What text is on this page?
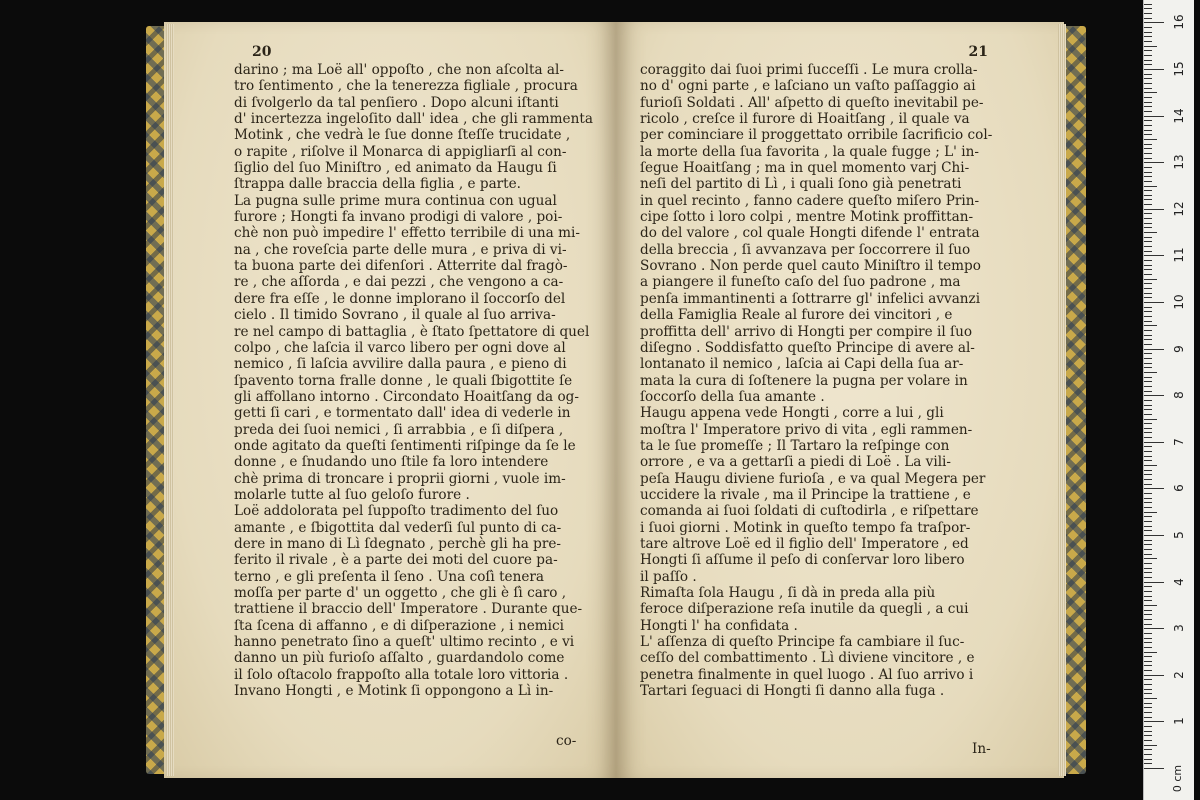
20
darino ; ma Loë all' oppoſto , che non aſcolta al-
tro ſentimento , che la tenerezza figliale , procura
di ſvolgerlo da tal penſiero . Dopo alcuni iſtanti
d' incertezza ingeloſito dall' idea , che gli rammenta
Motink , che vedrà le ſue donne ſteſſe trucidate ,
o rapite , riſolve il Monarca di appigliarſi al con-
ſiglio del ſuo Miniſtro , ed animato da Haugu ſi
ſtrappa dalle braccia della figlia , e parte.
La pugna sulle prime mura continua con ugual
furore ; Hongti fa invano prodigi di valore , poi-
chè non può impedire l' effetto terribile di una mi-
na , che roveſcia parte delle mura , e priva di vi-
ta buona parte dei difenſori . Atterrite dal fragò-
re , che aſſorda , e dai pezzi , che vengono a ca-
dere fra eſſe , le donne implorano il ſoccorſo del
cielo . Il timido Sovrano , il quale al ſuo arriva-
re nel campo di battaglia , è ſtato ſpettatore di quel
colpo , che laſcia il varco libero per ogni dove al
nemico , ſi laſcia avvilire dalla paura , e pieno di
ſpavento torna fralle donne , le quali ſbigottite ſe
gli affollano intorno . Circondato Hoaitſang da og-
getti ſi cari , e tormentato dall' idea di vederle in
preda dei ſuoi nemici , ſi arrabbia , e ſi diſpera ,
onde agitato da queſti ſentimenti riſpinge da ſe le
donne , e ſnudando uno ſtile fa loro intendere
chè prima di troncare i proprii giorni , vuole im-
molarle tutte al ſuo geloſo furore .
Loë addolorata pel ſuppoſto tradimento del ſuo
amante , e ſbigottita dal vederſi ſul punto di ca-
dere in mano di Lì ſdegnato , perchè gli ha pre-
ferito il rivale , è a parte dei moti del cuore pa-
terno , e gli preſenta il ſeno . Una coſì tenera
moſſa per parte d' un oggetto , che gli è ſì caro ,
trattiene il braccio dell' Imperatore . Durante que-
ſta ſcena di affanno , e di diſperazione , i nemici
hanno penetrato ſino a queſt' ultimo recinto , e vi
danno un più furioſo aſſalto , guardandolo come
il ſolo oſtacolo frappoſto alla totale loro vittoria .
Invano Hongti , e Motink ſi oppongono a Lì in-
co-
21
coraggito dai ſuoi primi ſucceſſi . Le mura crolla-
no d' ogni parte , e laſciano un vaſto paſſaggio ai
furioſi Soldati . All' aſpetto di queſto inevitabil pe-
ricolo , creſce il furore di Hoaitſang , il quale va
per cominciare il proggettato orribile ſacrificio col-
la morte della ſua favorita , la quale fugge ; L' in-
ſegue Hoaitſang ; ma in quel momento varj Chi-
neſi del partito di Lì , i quali ſono già penetrati
in quel recinto , fanno cadere queſto miſero Prin-
cipe ſotto i loro colpi , mentre Motink proffittan-
do del valore , col quale Hongti difende l' entrata
della breccia , ſi avvanzava per ſoccorrere il ſuo
Sovrano . Non perde quel cauto Miniſtro il tempo
a piangere il funeſto caſo del ſuo padrone , ma
penſa immantinenti a ſottrarre gl' infelici avvanzi
della Famiglia Reale al furore dei vincitori , e
proffitta dell' arrivo di Hongti per compire il ſuo
diſegno . Soddisfatto queſto Principe di avere al-
lontanato il nemico , laſcia ai Capi della ſua ar-
mata la cura di ſoſtenere la pugna per volare in
ſoccorſo della ſua amante .
Haugu appena vede Hongti , corre a lui , gli
moſtra l' Imperatore privo di vita , egli rammen-
ta le ſue promeſſe ; Il Tartaro la reſpinge con
orrore , e va a gettarſi a piedi di Loë . La vili-
peſa Haugu diviene furioſa , e va qual Megera per
uccidere la rivale , ma il Principe la trattiene , e
comanda ai ſuoi ſoldati di cuſtodirla , e riſpettare
i ſuoi giorni . Motink in queſto tempo fa traſpor-
tare altrove Loë ed il figlio dell' Imperatore , ed
Hongti ſi aſſume il peſo di conſervar loro libero
il paſſo .
Rimaſta ſola Haugu , ſi dà in preda alla più
feroce diſperazione reſa inutile da quegli , a cui
Hongti l' ha confidata .
L' aſſenza di queſto Principe fa cambiare il ſuc-
ceſſo del combattimento . Lì diviene vincitore , e
penetra finalmente in quel luogo . Al ſuo arrivo i
Tartari ſeguaci di Hongti ſi danno alla fuga .
In-
0 cm
1
2
3
4
5
6
7
8
9
10
11
12
13
14
15
16
